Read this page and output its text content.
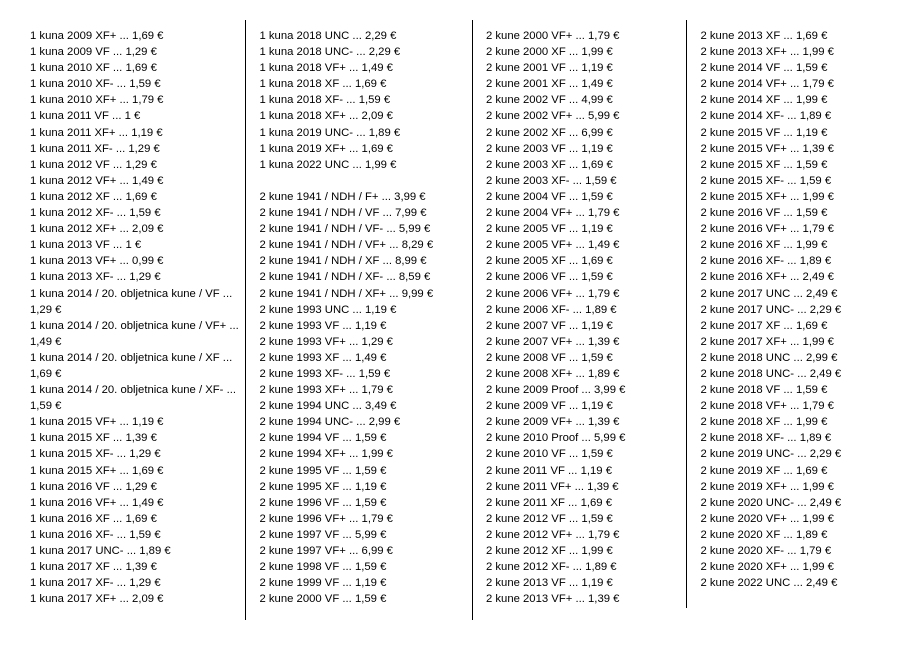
1 kuna 2009 XF+ ... 1,69 €
1 kuna 2009 VF ... 1,29 €
1 kuna 2010 XF ... 1,69 €
1 kuna 2010 XF- ... 1,59 €
1 kuna 2010 XF+ ... 1,79 €
1 kuna 2011 VF ... 1 €
1 kuna 2011 XF+ ... 1,19 €
1 kuna 2011 XF- ... 1,29 €
1 kuna 2012 VF ... 1,29 €
1 kuna 2012 VF+ ... 1,49 €
1 kuna 2012 XF ... 1,69 €
1 kuna 2012 XF- ... 1,59 €
1 kuna 2012 XF+ ... 2,09 €
1 kuna 2013 VF ... 1 €
1 kuna 2013 VF+ ... 0,99 €
1 kuna 2013 XF- ... 1,29 €
1 kuna 2014 / 20. obljetnica kune / VF ... 1,29 €
1 kuna 2014 / 20. obljetnica kune / VF+ ... 1,49 €
1 kuna 2014 / 20. obljetnica kune / XF ... 1,69 €
1 kuna 2014 / 20. obljetnica kune / XF- ... 1,59 €
1 kuna 2015 VF+ ... 1,19 €
1 kuna 2015 XF ... 1,39 €
1 kuna 2015 XF- ... 1,29 €
1 kuna 2015 XF+ ... 1,69 €
1 kuna 2016 VF ... 1,29 €
1 kuna 2016 VF+ ... 1,49 €
1 kuna 2016 XF ... 1,69 €
1 kuna 2016 XF- ... 1,59 €
1 kuna 2017 UNC- ... 1,89 €
1 kuna 2017 XF ... 1,39 €
1 kuna 2017 XF- ... 1,29 €
1 kuna 2017 XF+ ... 2,09 €
1 kuna 2018 UNC ... 2,29 €
1 kuna 2018 UNC- ... 2,29 €
1 kuna 2018 VF+ ... 1,49 €
1 kuna 2018 XF ... 1,69 €
1 kuna 2018 XF- ... 1,59 €
1 kuna 2018 XF+ ... 2,09 €
1 kuna 2019 UNC- ... 1,89 €
1 kuna 2019 XF+ ... 1,69 €
1 kuna 2022 UNC ... 1,99 €
2 kune 1941 / NDH / F+ ... 3,99 €
2 kune 1941 / NDH / VF ... 7,99 €
2 kune 1941 / NDH / VF- ... 5,99 €
2 kune 1941 / NDH / VF+ ... 8,29 €
2 kune 1941 / NDH / XF ... 8,99 €
2 kune 1941 / NDH / XF- ... 8,59 €
2 kune 1941 / NDH / XF+ ... 9,99 €
2 kune 1993 UNC ... 1,19 €
2 kune 1993 VF ... 1,19 €
2 kune 1993 VF+ ... 1,29 €
2 kune 1993 XF ... 1,49 €
2 kune 1993 XF- ... 1,59 €
2 kune 1993 XF+ ... 1,79 €
2 kune 1994 UNC ... 3,49 €
2 kune 1994 UNC- ... 2,99 €
2 kune 1994 VF ... 1,59 €
2 kune 1994 XF+ ... 1,99 €
2 kune 1995 VF ... 1,59 €
2 kune 1995 XF ... 1,19 €
2 kune 1996 VF ... 1,59 €
2 kune 1996 VF+ ... 1,79 €
2 kune 1997 VF ... 5,99 €
2 kune 1997 VF+ ... 6,99 €
2 kune 1998 VF ... 1,59 €
2 kune 1999 VF ... 1,19 €
2 kune 2000 VF ... 1,59 €
2 kune 2000 VF+ ... 1,79 €
2 kune 2000 XF ... 1,99 €
2 kune 2001 VF ... 1,19 €
2 kune 2001 XF ... 1,49 €
2 kune 2002 VF ... 4,99 €
2 kune 2002 VF+ ... 5,99 €
2 kune 2002 XF ... 6,99 €
2 kune 2003 VF ... 1,19 €
2 kune 2003 XF ... 1,69 €
2 kune 2003 XF- ... 1,59 €
2 kune 2004 VF ... 1,59 €
2 kune 2004 VF+ ... 1,79 €
2 kune 2005 VF ... 1,19 €
2 kune 2005 VF+ ... 1,49 €
2 kune 2005 XF ... 1,69 €
2 kune 2006 VF ... 1,59 €
2 kune 2006 VF+ ... 1,79 €
2 kune 2006 XF- ... 1,89 €
2 kune 2007 VF ... 1,19 €
2 kune 2007 VF+ ... 1,39 €
2 kune 2008 VF ... 1,59 €
2 kune 2008 XF+ ... 1,89 €
2 kune 2009 Proof ... 3,99 €
2 kune 2009 VF ... 1,19 €
2 kune 2009 VF+ ... 1,39 €
2 kune 2010 Proof ... 5,99 €
2 kune 2010 VF ... 1,59 €
2 kune 2011 VF ... 1,19 €
2 kune 2011 VF+ ... 1,39 €
2 kune 2011 XF ... 1,69 €
2 kune 2012 VF ... 1,59 €
2 kune 2012 VF+ ... 1,79 €
2 kune 2012 XF ... 1,99 €
2 kune 2012 XF- ... 1,89 €
2 kune 2013 VF ... 1,19 €
2 kune 2013 VF+ ... 1,39 €
2 kune 2013 XF ... 1,69 €
2 kune 2013 XF+ ... 1,99 €
2 kune 2014 VF ... 1,59 €
2 kune 2014 VF+ ... 1,79 €
2 kune 2014 XF ... 1,99 €
2 kune 2014 XF- ... 1,89 €
2 kune 2015 VF ... 1,19 €
2 kune 2015 VF+ ... 1,39 €
2 kune 2015 XF ... 1,59 €
2 kune 2015 XF- ... 1,59 €
2 kune 2015 XF+ ... 1,99 €
2 kune 2016 VF ... 1,59 €
2 kune 2016 VF+ ... 1,79 €
2 kune 2016 XF ... 1,99 €
2 kune 2016 XF- ... 1,89 €
2 kune 2016 XF+ ... 2,49 €
2 kune 2017 UNC ... 2,49 €
2 kune 2017 UNC- ... 2,29 €
2 kune 2017 XF ... 1,69 €
2 kune 2017 XF+ ... 1,99 €
2 kune 2018 UNC ... 2,99 €
2 kune 2018 UNC- ... 2,49 €
2 kune 2018 VF ... 1,59 €
2 kune 2018 VF+ ... 1,79 €
2 kune 2018 XF ... 1,99 €
2 kune 2018 XF- ... 1,89 €
2 kune 2019 UNC- ... 2,29 €
2 kune 2019 XF ... 1,69 €
2 kune 2019 XF+ ... 1,99 €
2 kune 2020 UNC- ... 2,49 €
2 kune 2020 VF+ ... 1,99 €
2 kune 2020 XF ... 1,89 €
2 kune 2020 XF- ... 1,79 €
2 kune 2020 XF+ ... 1,99 €
2 kune 2022 UNC ... 2,49 €
